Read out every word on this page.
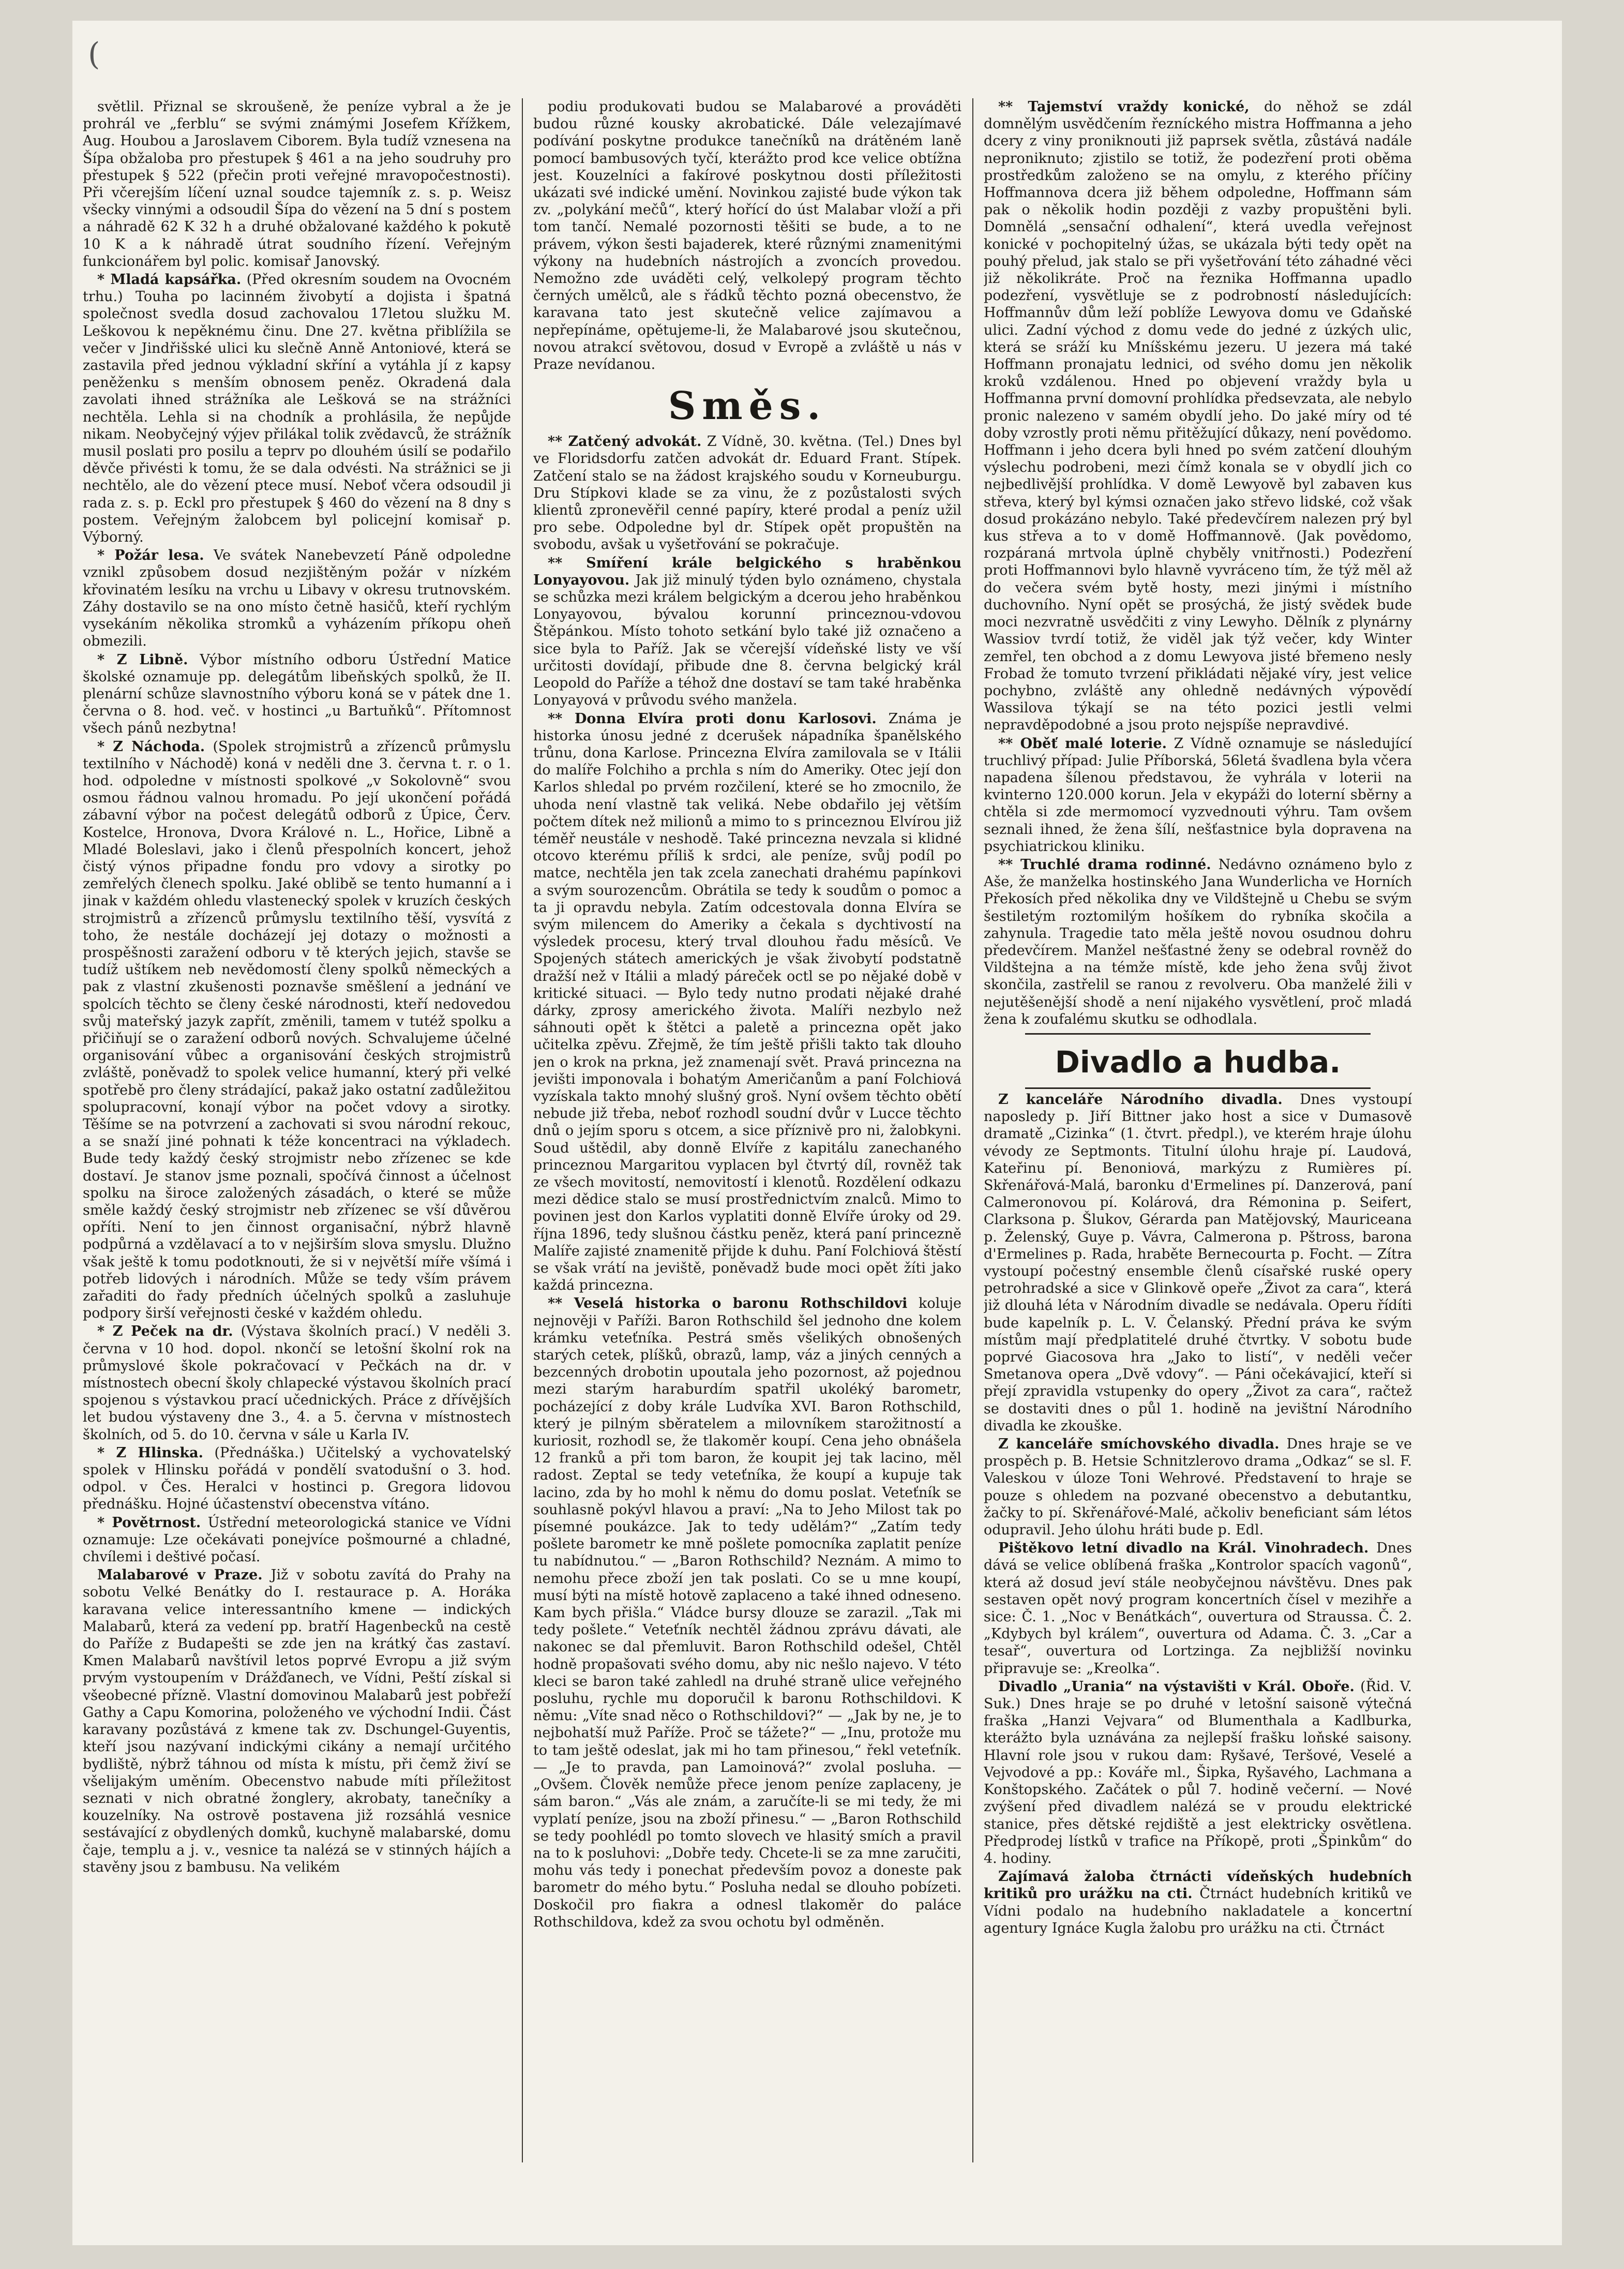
(

světlil. Přiznal se skroušeně, že peníze vybral a že je prohrál ve „ferblu“ se svými známými Josefem Křížkem, Aug. Houbou a Jaroslavem Ciborem. Byla tudíž vznesena na Šípa obžaloba pro přestupek § 461 a na jeho soudruhy pro přestupek § 522 (přečin proti veřejné mravopočestnosti). Při včerejším líčení uznal soudce tajemník z. s. p. Weisz všecky vinnými a odsoudil Šípa do vězení na 5 dní s postem a náhradě 62 K 32 h a druhé obžalované každého k pokutě 10 K a k náhradě útrat soudního řízení. Veřejným funkcionářem byl polic. komisař Janovský.

* Mladá kapsářka. (Před okresním soudem na Ovocném trhu.) Touha po lacinném živobytí a dojista i špatná společnost svedla dosud zachovalou 17letou služku M. Leškovou k nepěknému činu. Dne 27. května přiblížila se večer v Jindřišské ulici ku slečně Anně Antoniové, která se zastavila před jednou výkladní skříní a vytáhla jí z kapsy peněženku s menším obnosem peněz. Okradená dala zavolati ihned strážníka ale Lešková se na strážníci nechtěla. Lehla si na chodník a prohlásila, že nepůjde nikam. Neobyčejný výjev přilákal tolik zvědavců, že strážník musil poslati pro posilu a teprv po dlouhém úsilí se podařilo děvče přivésti k tomu, že se dala odvésti. Na strážnici se ji nechtělo, ale do vězení ptece musí. Neboť včera odsoudil ji rada z. s. p. Eckl pro přestupek § 460 do vězení na 8 dny s postem. Veřejným žalobcem byl policejní komisař p. Výborný.

* Požár lesa. Ve svátek Nanebevzetí Páně odpoledne vznikl způsobem dosud nezjištěným požár v nízkém křovinatém lesíku na vrchu u Libavy v okresu trutnovském. Záhy dostavilo se na ono místo četně hasičů, kteří rychlým vysekáním několika stromků a vyházením příkopu oheň obmezili.

* Z Libně. Výbor místního odboru Ústřední Matice školské oznamuje pp. delegátům libeňských spolků, že II. plenární schůze slavnostního výboru koná se v pátek dne 1. června o 8. hod. več. v hostinci „u Bartuňků“. Přítomnost všech pánů nezbytna!

* Z Náchoda. (Spolek strojmistrů a zřízenců průmyslu textilního v Náchodě) koná v neděli dne 3. června t. r. o 1. hod. odpoledne v místnosti spolkové „v Sokolovně“ svou osmou řádnou valnou hromadu. Po její ukončení pořádá zábavní výbor na počest delegátů odborů z Úpice, Červ. Kostelce, Hronova, Dvora Králové n. L., Hořice, Libně a Mladé Boleslavi, jako i členů přespolních koncert, jehož čistý výnos připadne fondu pro vdovy a sirotky po zemřelých členech spolku. Jaké oblibě se tento humanní a i jinak v každém ohledu vlastenecký spolek v kruzích českých strojmistrů a zřízenců průmyslu textilního těší, vysvítá z toho, že nestále docházejí jej dotazy o možnosti a prospěšnosti zaražení odboru v tě kterých jejich, stavše se tudíž uštíkem neb nevědomostí členy spolků německých a pak z vlastní zkušenosti poznavše směšlení a jednání ve spolcích těchto se členy české národnosti, kteří nedovedou svůj mateřský jazyk zapřít, změnili, tamem v tutéž spolku a přičiňují se o zaražení odborů nových. Schvalujeme účelné organisování vůbec a organisování českých strojmistrů zvláště, poněvadž to spolek velice humanní, který při velké spotřebě pro členy strádající, pakaž jako ostatní zadůležitou spolupracovní, konají výbor na počet vdovy a sirotky. Těšíme se na potvrzení a zachovati si svou národní rekouc, a se snaží jiné pohnati k téže koncentraci na výkladech. Bude tedy každý český strojmistr nebo zřízenec se kde dostaví. Je stanov jsme poznali, spočívá činnost a účelnost spolku na široce založených zásadách, o které se může směle každý český strojmistr neb zřízenec se vší důvěrou opříti. Není to jen činnost organisační, nýbrž hlavně podpůrná a vzdělavací a to v nejširším slova smyslu. Dlužno však ještě k tomu podotknouti, že si v největší míře všímá i potřeb lidových i národních. Může se tedy vším právem zařaditi do řady předních účelných spolků a zasluhuje podpory širší veřejnosti české v každém ohledu.

* Z Peček na dr. (Výstava školních prací.) V neděli 3. června v 10 hod. dopol. nkončí se letošní školní rok na průmyslové škole pokračovací v Pečkách na dr. v místnostech obecní školy chlapecké výstavou školních prací spojenou s výstavkou prací učednických. Práce z dřívějších let budou výstaveny dne 3., 4. a 5. června v místnostech školních, od 5. do 10. června v sále u Karla IV.

* Z Hlinska. (Přednáška.) Učitelský a vychovatelský spolek v Hlinsku pořádá v pondělí svatodušní o 3. hod. odpol. v Čes. Heralci v hostinci p. Gregora lidovou přednášku. Hojné účastenství obecenstva vítáno.

* Povětrnost. Ústřední meteorologická stanice ve Vídni oznamuje: Lze očekávati ponejvíce pošmourné a chladné, chvílemi i deštivé počasí.

Malabarové v Praze. Již v sobotu zavítá do Prahy na sobotu Velké Benátky do I. restaurace p. A. Horáka karavana velice interessantního kmene — indických Malabarů, která za vedení pp. bratří Hagenbecků na cestě do Paříže z Budapešti se zde jen na krátký čas zastaví. Kmen Malabarů navštívil letos poprvé Evropu a již svým prvým vystoupením v Drážďanech, ve Vídni, Peští získal si všeobecné přízně. Vlastní domovinou Malabarů jest pobřeží Gathy a Capu Komorina, položeného ve východní Indii. Část karavany pozůstává z kmene tak zv. Dschungel-Guyentis, kteří jsou nazývaní indickými cikány a nemají určitého bydliště, nýbrž táhnou od místa k místu, při čemž živí se všelijakým uměním. Obecenstvo nabude míti příležitost seznati v nich obratné žonglery, akrobaty, tanečníky a kouzelníky. Na ostrově postavena již rozsáhlá vesnice sestávající z obydlených domků, kuchyně malabarské, domu čaje, templu a j. v., vesnice ta nalézá se v stinných hájích a stavěny jsou z bambusu. Na velikém

podiu produkovati budou se Malabarové a prováděti budou různé kousky akrobatické. Dále velezajímavé podívání poskytne produkce tanečníků na drátěném laně pomocí bambusových tyčí, kterážto prod kce velice obtížna jest. Kouzelníci a fakírové poskytnou dosti příležitosti ukázati své indické umění. Novinkou zajisté bude výkon tak zv. „polykání mečů“, který hořící do úst Malabar vloží a při tom tančí. Nemalé pozornosti těšiti se bude, a to ne právem, výkon šesti bajaderek, které různými znamenitými výkony na hudebních nástrojích a zvoncích provedou. Nemožno zde uváděti celý, velkolepý program těchto černých umělců, ale s řádků těchto pozná obecenstvo, že karavana tato jest skutečně velice zajímavou a nepřepínáme, opětujeme-li, že Malabarové jsou skutečnou, novou atrakcí světovou, dosud v Evropě a zvláště u nás v Praze nevídanou.

Směs.

** Zatčený advokát. Z Vídně, 30. května. (Tel.) Dnes byl ve Floridsdorfu zatčen advokát dr. Eduard Frant. Stípek. Zatčení stalo se na žádost krajského soudu v Korneuburgu. Dru Stípkovi klade se za vinu, že z pozůstalosti svých klientů zpronevěřil cenné papíry, které prodal a peníz užil pro sebe. Odpoledne byl dr. Stípek opět propuštěn na svobodu, avšak u vyšetřování se pokračuje.

** Smíření krále belgického s hraběnkou Lonyayovou. Jak již minulý týden bylo oznámeno, chystala se schůzka mezi králem belgickým a dcerou jeho hraběnkou Lonyayovou, bývalou korunní princeznou-vdovou Štěpánkou. Místo tohoto setkání bylo také již označeno a sice byla to Paříž. Jak se včerejší vídeňské listy ve vší určitosti dovídají, přibude dne 8. června belgický král Leopold do Paříže a téhož dne dostaví se tam také hraběnka Lonyayová v průvodu svého manžela.

** Donna Elvíra proti donu Karlosovi. Známa je historka únosu jedné z dcerušek nápadníka španělského trůnu, dona Karlose. Princezna Elvíra zamilovala se v Itálii do malíře Folchiho a prchla s ním do Ameriky. Otec její don Karlos shledal po prvém rozčilení, které se ho zmocnilo, že uhoda není vlastně tak veliká. Nebe obdařilo jej větším počtem dítek než milionů a mimo to s princeznou Elvírou již téměř neustále v neshodě. Také princezna nevzala si klidné otcovo kterému příliš k srdci, ale peníze, svůj podíl po matce, nechtěla jen tak zcela zanechati drahému papínkovi a svým sourozencům. Obrátila se tedy k soudům o pomoc a ta ji opravdu nebyla. Zatím odcestovala donna Elvíra se svým milencem do Ameriky a čekala s dychtivostí na výsledek procesu, který trval dlouhou řadu měsíců. Ve Spojených státech amerických je však živobytí podstatně dražší než v Itálii a mladý páreček octl se po nějaké době v kritické situaci. — Bylo tedy nutno prodati nějaké drahé dárky, zprosy amerického života. Malíři nezbylo než sáhnouti opět k štětci a paletě a princezna opět jako učitelka zpěvu. Zřejmě, že tím ještě přišli takto tak dlouho jen o krok na prkna, jež znamenají svět. Pravá princezna na jevišti imponovala i bohatým Američanům a paní Folchiová vyzískala takto mnohý slušný groš. Nyní ovšem těchto obětí nebude již třeba, neboť rozhodl soudní dvůr v Lucce těchto dnů o jejím sporu s otcem, a sice příznivě pro ni, žalobkyni. Soud uštědil, aby donně Elvíře z kapitálu zanechaného princeznou Margaritou vyplacen byl čtvrtý díl, rovněž tak ze všech movitostí, nemovitostí i klenotů. Rozdělení odkazu mezi dědice stalo se musí prostřednictvím znalců. Mimo to povinen jest don Karlos vyplatiti donně Elvíře úroky od 29. října 1896, tedy slušnou částku peněz, která paní princezně Malíře zajisté znamenitě přijde k duhu. Paní Folchiová štěstí se však vrátí na jeviště, poněvadž bude moci opět žíti jako každá princezna.

** Veselá historka o baronu Rothschildovi koluje nejnověji v Paříži. Baron Rothschild šel jednoho dne kolem krámku veteťníka. Pestrá směs všelikých obnošených starých cetek, plíšků, obrazů, lamp, váz a jiných cenných a bezcenných drobotin upoutala jeho pozornost, až pojednou mezi starým haraburdím spatřil ukoléký barometr, pocházející z doby krále Ludvíka XVI. Baron Rothschild, který je pilným sběratelem a milovníkem starožitností a kuriosit, rozhodl se, že tlakoměr koupí. Cena jeho obnášela 12 franků a při tom baron, že koupit jej tak lacino, měl radost. Zeptal se tedy veteťníka, že koupí a kupuje tak lacino, zda by ho mohl k němu do domu poslat. Veteťník se souhlasně pokývl hlavou a praví: „Na to Jeho Milost tak po písemné poukázce. Jak to tedy udělám?“ „Zatím tedy pošlete barometr ke mně pošlete pomocníka zaplatit peníze tu nabídnutou.“ — „Baron Rothschild? Neznám. A mimo to nemohu přece zboží jen tak poslati. Co se u mne koupí, musí býti na místě hotově zaplaceno a také ihned odneseno. Kam bych přišla.“ Vládce bursy dlouze se zarazil. „Tak mi tedy pošlete.“ Veteťník nechtěl žádnou zprávu dávati, ale nakonec se dal přemluvit. Baron Rothschild odešel, Chtěl hodně propašovati svého domu, aby nic nešlo najevo. V této kleci se baron také zahledl na druhé straně ulice veřejného posluhu, rychle mu doporučil k baronu Rothschildovi. K němu: „Víte snad něco o Rothschildovi?“ — „Jak by ne, je to nejbohatší muž Paříže. Proč se tážete?“ — „Inu, protože mu to tam ještě odeslat, jak mi ho tam přinesou,“ řekl veteťník. — „Je to pravda, pan Lamoinová?“ zvolal posluha. — „Ovšem. Člověk nemůže přece jenom peníze zaplaceny, je sám baron.“ „Vás ale znám, a zaručíte-li se mi tedy, že mi vyplatí peníze, jsou na zboží přinesu.“ — „Baron Rothschild se tedy poohlédl po tomto slovech ve hlasitý smích a pravil na to k posluhovi: „Dobře tedy. Chcete-li se za mne zaručiti, mohu vás tedy i ponechat především povoz a doneste pak barometr do mého bytu.“ Posluha nedal se dlouho pobízeti. Doskočil pro fiakra a odnesl tlakoměr do paláce Rothschildova, kdež za svou ochotu byl odměněn.

** Tajemství vraždy konické, do něhož se zdál domnělým usvědčením řezníckého mistra Hoffmanna a jeho dcery z viny proniknouti již paprsek světla, zůstává nadále neproniknuto; zjistilo se totiž, že podezření proti oběma prostředkům založeno se na omylu, z kterého příčiny Hoffmannova dcera již během odpoledne, Hoffmann sám pak o několik hodin později z vazby propuštěni byli. Domnělá „sensační odhalení“, která uvedla veřejnost konické v pochopitelný úžas, se ukázala býti tedy opět na pouhý přelud, jak stalo se při vyšetřování této záhadné věci již několikráte. Proč na řeznika Hoffmanna upadlo podezření, vysvětluje se z podrobností následujících: Hoffmannův dům leží poblíže Lewyova domu ve Gdaňské ulici. Zadní východ z domu vede do jedné z úzkých ulic, která se sráží ku Mníšskému jezeru. U jezera má také Hoffmann pronajatu lednici, od svého domu jen několik kroků vzdálenou. Hned po objevení vraždy byla u Hoffmanna první domovní prohlídka předsevzata, ale nebylo pronic nalezeno v samém obydlí jeho. Do jaké míry od té doby vzrostly proti němu přitěžující důkazy, není povědomo. Hoffmann i jeho dcera byli hned po svém zatčení dlouhým výslechu podrobeni, mezi čímž konala se v obydlí jich co nejbedlivější prohlídka. V domě Lewyově byl zabaven kus střeva, který byl kýmsi označen jako střevo lidské, což však dosud prokázáno nebylo. Také předevčírem nalezen prý byl kus střeva a to v domě Hoffmannově. (Jak povědomo, rozpáraná mrtvola úplně chyběly vnitřnosti.) Podezření proti Hoffmannovi bylo hlavně vyvráceno tím, že týž měl až do večera svém bytě hosty, mezi jinými i místního duchovního. Nyní opět se prosýchá, že jistý svědek bude moci nezvratně usvědčiti z viny Lewyho. Dělník z plynárny Wassiov tvrdí totiž, že viděl jak týž večer, kdy Winter zemřel, ten obchod a z domu Lewyova jisté břemeno nesly Frobad že tomuto tvrzení přikládati nějaké víry, jest velice pochybno, zvláště any ohledně nedávných výpovědí Wassilova týkají se na této pozici jestli velmi nepravděpodobné a jsou proto nejspíše nepravdivé.

** Oběť malé loterie. Z Vídně oznamuje se následující truchlivý případ: Julie Příborská, 56letá švadlena byla včera napadena šílenou představou, že vyhrála v loterii na kvinterno 120.000 korun. Jela v ekypáži do loterní sběrny a chtěla si zde mermomocí vyzvednouti výhru. Tam ovšem seznali ihned, že žena šílí, nešťastnice byla dopravena na psychiatrickou kliniku.

** Truchlé drama rodinné. Nedávno oznámeno bylo z Aše, že manželka hostinského Jana Wunderlicha ve Horních Překosích před několika dny ve Vildštejně u Chebu se svým šestiletým roztomilým hošíkem do rybníka skočila a zahynula. Tragedie tato měla ještě novou osudnou dohru předevčírem. Manžel nešťastné ženy se odebral rovněž do Vildštejna a na témže místě, kde jeho žena svůj život skončila, zastřelil se ranou z revolveru. Oba manželé žili v nejutěšenější shodě a není nijakého vysvětlení, proč mladá žena k zoufalému skutku se odhodlala.

Divadlo a hudba.

Z kanceláře Národního divadla. Dnes vystoupí naposledy p. Jiří Bittner jako host a sice v Dumasově dramatě „Cizinka“ (1. čtvrt. předpl.), ve kterém hraje úlohu vévody ze Septmonts. Titulní úlohu hraje pí. Laudová, Kateřinu pí. Benoniová, markýzu z Rumières pí. Skřenářová-Malá, baronku d'Ermelines pí. Danzerová, paní Calmeronovou pí. Kolárová, dra Rémonina p. Seifert, Clarksona p. Šlukov, Gérarda pan Matějovský, Mauriceana p. Želenský, Guye p. Vávra, Calmerona p. Pštross, barona d'Ermelines p. Rada, hraběte Bernecourta p. Focht. — Zítra vystoupí počestný ensemble členů císařské ruské opery petrohradské a sice v Glinkově opeře „Život za cara“, která již dlouhá léta v Národním divadle se nedávala. Operu řídíti bude kapelník p. L. V. Čelanský. Přední práva ke svým místům mají předplatitelé druhé čtvrtky. V sobotu bude poprvé Giacosova hra „Jako to listí“, v neděli večer Smetanova opera „Dvě vdovy“. — Páni očekávajicí, kteří si přejí zpravidla vstupenky do opery „Život za cara“, račtež se dostaviti dnes o půl 1. hodině na jevištní Národního divadla ke zkouške.

Z kanceláře smíchovského divadla. Dnes hraje se ve prospěch p. B. Hetsie Schnitzlerovo drama „Odkaz“ se sl. F. Valeskou v úloze Toni Wehrové. Představení to hraje se pouze s ohledem na pozvané obecenstvo a debutantku, žačky to pí. Skřenářové-Malé, ačkoliv beneficiant sám létos odupravil. Jeho úlohu hráti bude p. Edl.

Pištěkovo letní divadlo na Král. Vinohradech. Dnes dává se velice oblíbená fraška „Kontrolor spacích vagonů“, která až dosud jeví stále neobyčejnou návštěvu. Dnes pak sestaven opět nový program koncertních čísel v mezihře a sice: Č. 1. „Noc v Benátkách“, ouvertura od Straussa. Č. 2. „Kdybych byl králem“, ouvertura od Adama. Č. 3. „Car a tesař“, ouvertura od Lortzinga. Za nejbližší novinku připravuje se: „Kreolka“.

Divadlo „Urania“ na výstavišti v Král. Oboře. (Řid. V. Suk.) Dnes hraje se po druhé v letošní saisoně výtečná fraška „Hanzi Vejvara“ od Blumenthala a Kadlburka, kterážto byla uznávána za nejlepší frašku loňské saisony. Hlavní role jsou v rukou dam: Ryšavé, Teršové, Veselé a Vejvodové a pp.: Kováře ml., Šipka, Ryšavého, Lachmana a Konštopského. Začátek o půl 7. hodině večerní. — Nové zvýšení před divadlem nalézá se v proudu elektrické stanice, přes dětské rejdiště a jest elektricky osvětlena. Předprodej lístků v trafice na Příkopě, proti „Špinkům“ do 4. hodiny.

Zajímavá žaloba čtrnácti vídeňských hudebních kritiků pro urážku na cti. Čtrnáct hudebních kritiků ve Vídni podalo na hudebního nakladatele a koncertní agentury Ignáce Kugla žalobu pro urážku na cti. Čtrnáct
